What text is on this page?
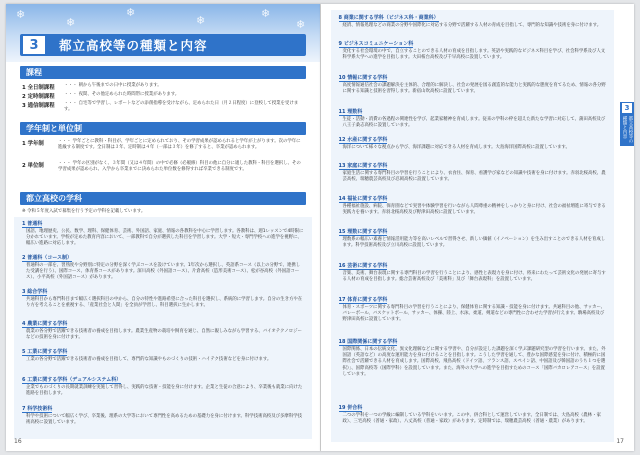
❄
❄
❄
❄
❄
❄
3	都立高校等の種類と内容
課程
1 全日制課程 ・・・ 朝から午後までの日中に授業があります。
2 定時制課程 ・・・ 夜間、その他定められた時間帯に授業があります。
3 通信制課程 ・・・ 自宅等で学習し、レポートなどの添削指導を受けながら、定められた日（月２日程度）に登校して授業を受けます。
学年制と単位制
1 学年制	・・・ 学年ごとに教科・科目が、学年ごとに定められており、その学習成果が認められると学年が上がります。次の学年に進級する制度です。全日制は３年、定時制は４年（一部は３年）を修了すると、卒業が認められます。
2 単位制	・・・ 学年の区別がなく、３年間（又は４年間）の中で必修（必履修）科目の他に自分に適した教科・科目を選択し、その学習成果が認められ、入学から卒業までに決められた単位数を修得すれば卒業できる制度です。
都立高校の学科
※ 令和５年度入試で募集を行う予定の学科を記載しています。
1 普通科
国語、地理歴史、公民、数学、理科、保健体育、芸術、外国語、家庭、情報の各教科を中心に学習します。各教科は、週1レッスンで4時限に分かれています。学校が定めた教育内容において、一部教科で自分が選択した科目を学習します。大学・短大・専門学校への進学を視野に、幅広い進路に対応します。
2 普通科（コース制）
普通科の一部を、習熟度や分野別に特定の分野を深く学ぶコースを設けています。1年次から選択し、英語系コース（以上の分野で、連携した受講を行う）、国際コース、体育系コースがあります。深川高校（外国語コース）、片倉高校（造形美術コース）、松が谷高校（外国語コース）、小平高校（外国語コース）があります。
3 総合学科
共通科目から専門科目まで幅広く選択科目の中から、自分の特性や進路希望に合った科目を選択し、系統的に学習します。自分の生き方や在り方を考えることを重視する、「産業社会と人間」を全員が学習し、科目選択に生かします。
4 農業に関する学科
農業の各分野で活躍できる技術者の養成を目指します。農業生産物の栽培や飼育を通じ、自然に親しみながら学習する、バイオテクノロジーなどの技術を身に付けます。
5 工業に関する学科
工業の各分野で活躍できる技術者の養成を目指して、専門的な知識やものづくりの技術・ハイテク技術などを身に付けます。
6 工業に関する学科（デュアルシステム科）
企業でものづくりの長期就業訓練を実施して習得し、実践的な技術・技能を身に付けます。企業と生徒の合意により、卒業後も就業に向けた進路を目指します。
7 科学技術科
科学や技術について幅広く学び、卒業後、理系の大学等において専門性を高めるための基礎力を身に付けます。科学技術高校及び多摩科学技術高校に設置しています。
16
8 商業に関する学科（ビジネス科・商業科）
経済、情報処理などの商業の分野や国際化に対応する分野で活躍する人材の育成を目指して、専門的な知識や技術を身に付けます。
9 ビジネスコミュニケーション科
変化する社会環境の中で、自立することのできる人材の育成を目指します。英語や実践的なビジネス科目を学び、社会科学系及び人文科学系大学への進学を目指します。大田桜台高校及び千早高校に設置しています。
10 情報に関する学科
高度情報通信社会の課題解決を主体的、合理的に解決し、社会の発展を図る創造的な能力と実践的な態度を育てるため、情報の各分野に関する知識と技術を習得します。新宿山吹高校に設置しています。
11 理数科
生徒・活動・消費の各過程の関連性を学び、起業家精神を育成します。従来の学科の枠を超えた新たな学習に対応して、蒲田高校及び八王子桑志高校に設置しています。
12 水産に関する学科
海洋について様々な視点から学び、海洋課題に対応できる人材を育成します。大島海洋国際高校に設置しています。
13 家庭に関する学科
家庭生活に関する専門科目の学習を行うことにより、衣食住、保育、看護学び家などの知識や技術を身に付けます。赤羽北桜高校、農芸高校、瑞穂農芸高校及び忍岡高校に設置しています。
14 福祉に関する学科
各種福祉施設、病院、保育園などで実習や体験学習を行いながら人間尊重の精神をしっかりと身に付け、社会の福祉増進に寄与できる実践力を養います。赤羽北桜高校及び野津田高校に設置しています。
15 理数に関する学科
理数系の幅広い素養と情報活用能力等を高いレベルで習得させ、新しい価値（イノベーション）を生み出すことのできる人材を育成します。科学技術高校及び立川高校に設置しています。
16 芸術に関する学科
音楽、美術、舞台表現に関する専門科目の学習を行うことにより、感性と表現力を身に付け、将来にわたって芸術文化の発展に寄与する人材の育成を目指します。総合芸術高校及び「美術科」及び「舞台表現科」を設置しています。
17 体育に関する学科
体育・スポーツに関する専門科目の学習を行うことにより、保健体育に関する知識・技能を身に付けます。共通科目の他、サッカー、バレーボール、バスケットボール、サッカー、体操、陸上、水泳、柔道、剣道などの専門性に合わせた学習が行えます。駒場高校及び野津田高校に設置しています。
18 国際関係に関する学科
国際関係、日本の伝統文化、異文化理解などに関する学習や、自分が設定した課題を深く学ぶ課題研究型の学習を行います。また、外国語（英語など）の高度な運用能力を身に付けることを目指します。こうした学習を通して、豊かな国際感覚を身に付け、積極的に国際社会で活躍できる人材を育成します。国際高校、飛鳥高校（ドイツ語、フランス語、スペイン語、中国語及び韓国語のうち１つを選択）」、国際高校等（国際学科）を設置しています。また、海外の大学への進学を目指すためのコース「国際バカロレアコース」を設置しています。
19 併合科
二つの学科を一つの学級に編制している学科をいいます。この中、併合科として運営しています。全日制では、大島高校（農林・家政）、三宅高校（普通・家政）、八丈高校（普通・家政）があります。定時制では、瑞穂農芸高校（普通・農業）があります。
都立高校等の種類と内容
3
17
